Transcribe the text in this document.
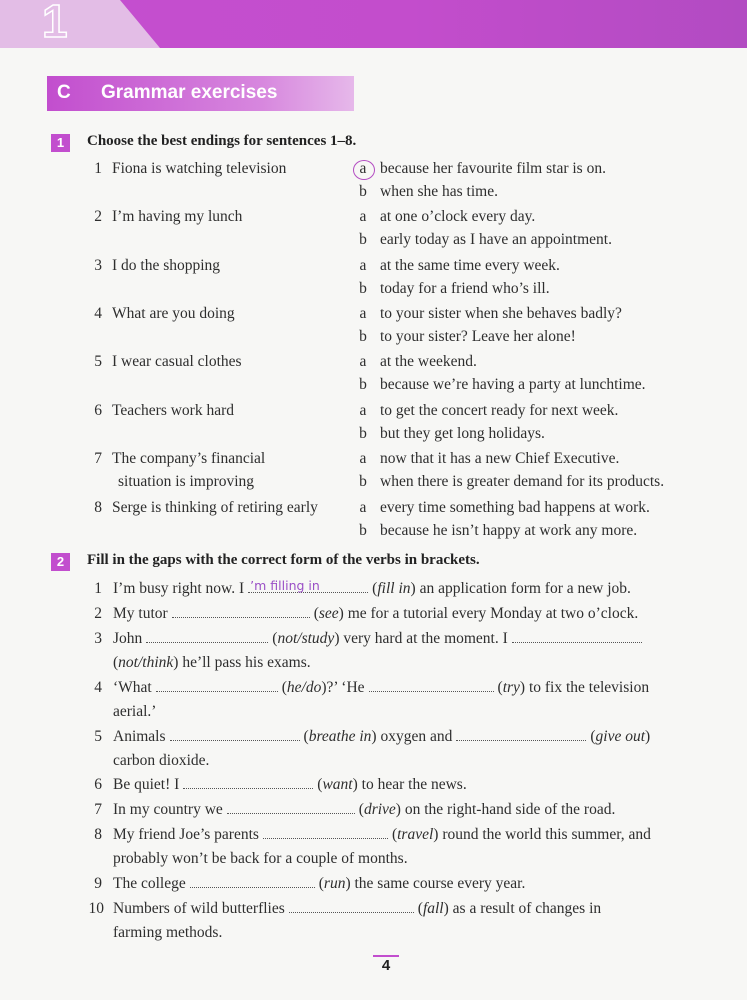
1
C Grammar exercises
1	Choose the best endings for sentences 1–8.
1 Fiona is watching television	a because her favourite film star is on.
b when she has time.
2 I’m having my lunch	a at one o’clock every day.
b early today as I have an appointment.
3 I do the shopping	a at the same time every week.
b today for a friend who’s ill.
4 What are you doing	a to your sister when she behaves badly?
b to your sister? Leave her alone!
5 I wear casual clothes	a at the weekend.
b because we’re having a party at lunchtime.
6 Teachers work hard	a to get the concert ready for next week.
b but they get long holidays.
7 The company’s financial
situation is improving
a now that it has a new Chief Executive.
b when there is greater demand for its products.
8 Serge is thinking of retiring early	a every time something bad happens at work.
b because he isn’t happy at work any more.
2	Fill in the gaps with the correct form of the verbs in brackets.
1 I’m busy right now. I ’m filling in	(fill in) an application form for a new job.
2 My tutor	(see) me for a tutorial every Monday at two o’clock.
3 John	(not/study) very hard at the moment. I
(not/think) he’ll pass his exams.
4 ‘What	(he/do)?’ ‘He	(try) to fix the television
aerial.’
5 Animals	(breathe in) oxygen and	(give out)
carbon dioxide.
6 Be quiet! I	(want) to hear the news.
7 In my country we	(drive) on the right-hand side of the road.
8 My friend Joe’s parents	(travel) round the world this summer, and
probably won’t be back for a couple of months.
9 The college	(run) the same course every year.
10 Numbers of wild butterflies	(fall) as a result of changes in
farming methods.
4
